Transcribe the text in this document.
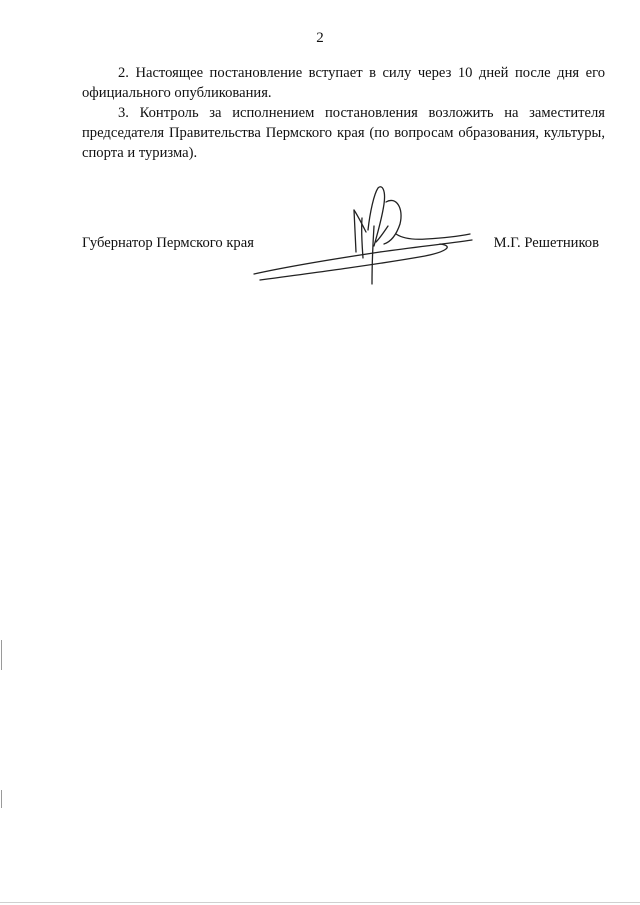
2

2. Настоящее постановление вступает в силу через 10 дней после дня его официального опубликования.

3. Контроль за исполнением постановления возложить на заместителя председателя Правительства Пермского края (по вопросам образования, культуры, спорта и туризма).

Губернатор Пермского края	М.Г. Решетников
